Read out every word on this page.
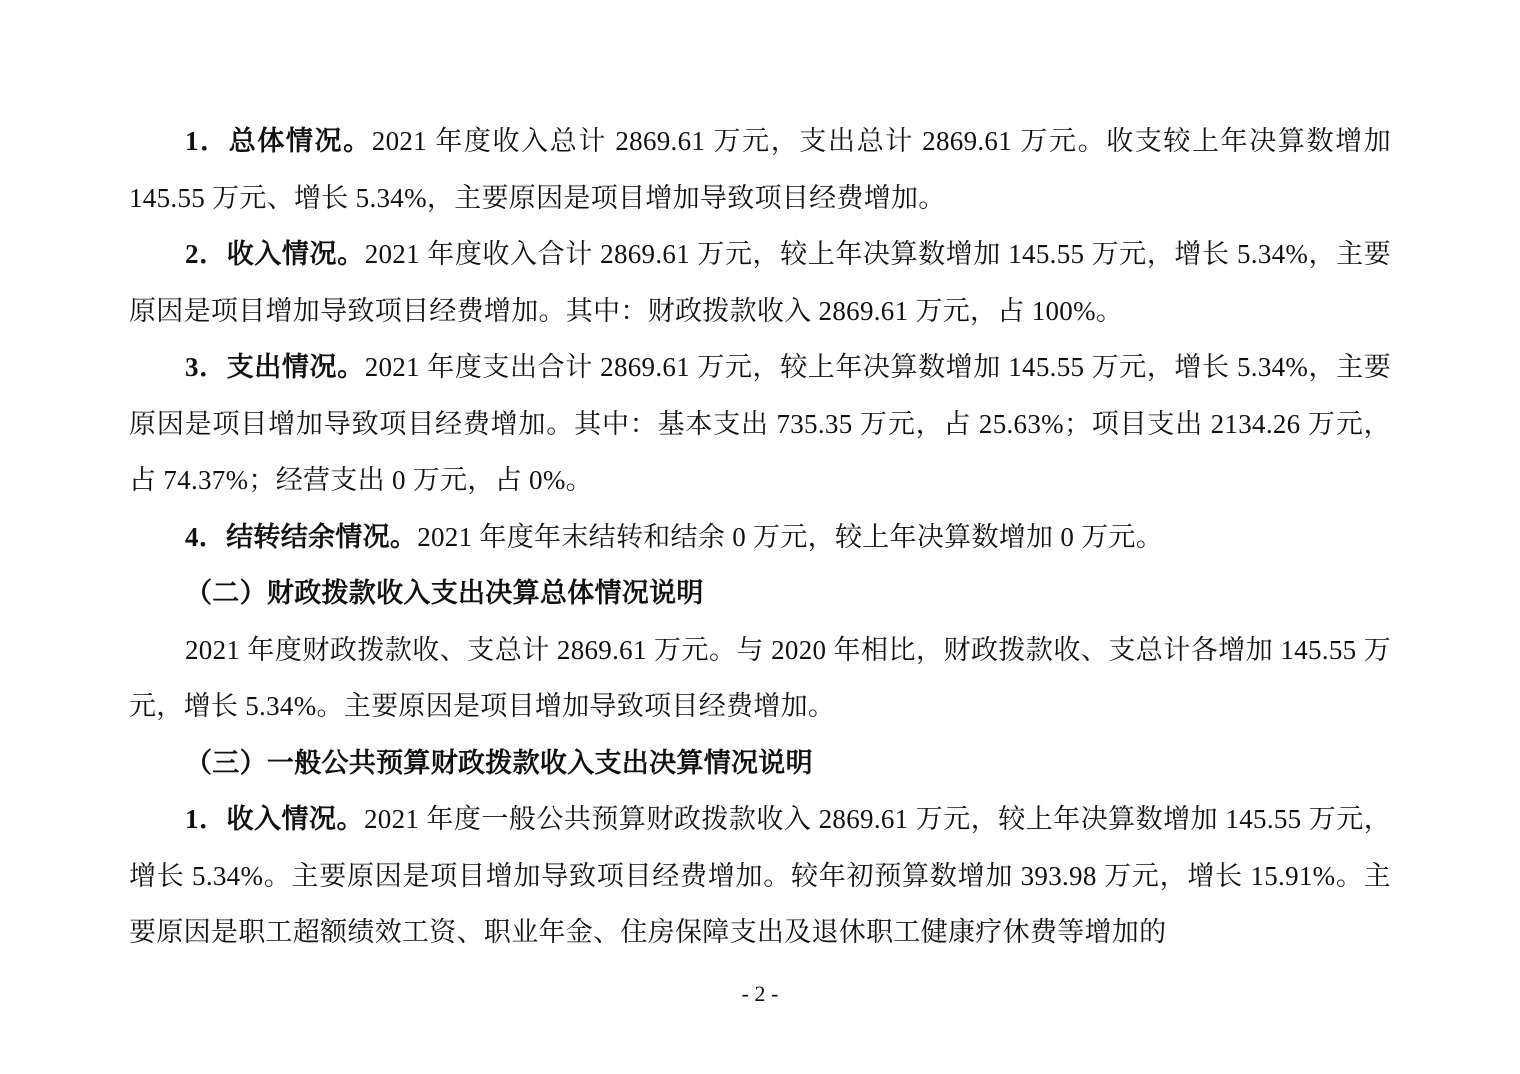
1．总体情况。2021 年度收入总计 2869.61 万元，支出总计 2869.61 万元。收支较上年决算数增加 145.55 万元、增长 5.34%，主要原因是项目增加导致项目经费增加。

2．收入情况。2021 年度收入合计 2869.61 万元，较上年决算数增加 145.55 万元，增长 5.34%，主要原因是项目增加导致项目经费增加。其中：财政拨款收入 2869.61 万元，占 100%。

3．支出情况。2021 年度支出合计 2869.61 万元，较上年决算数增加 145.55 万元，增长 5.34%，主要原因是项目增加导致项目经费增加。其中：基本支出 735.35 万元，占 25.63%；项目支出 2134.26 万元，占 74.37%；经营支出 0 万元，占 0%。

4．结转结余情况。2021 年度年末结转和结余 0 万元，较上年决算数增加 0 万元。

（二）财政拨款收入支出决算总体情况说明

2021 年度财政拨款收、支总计 2869.61 万元。与 2020 年相比，财政拨款收、支总计各增加 145.55 万元，增长 5.34%。主要原因是项目增加导致项目经费增加。

（三）一般公共预算财政拨款收入支出决算情况说明

1．收入情况。2021 年度一般公共预算财政拨款收入 2869.61 万元，较上年决算数增加 145.55 万元，增长 5.34%。主要原因是项目增加导致项目经费增加。较年初预算数增加 393.98 万元，增长 15.91%。主要原因是职工超额绩效工资、职业年金、住房保障支出及退休职工健康疗休费等增加的

- 2 -
